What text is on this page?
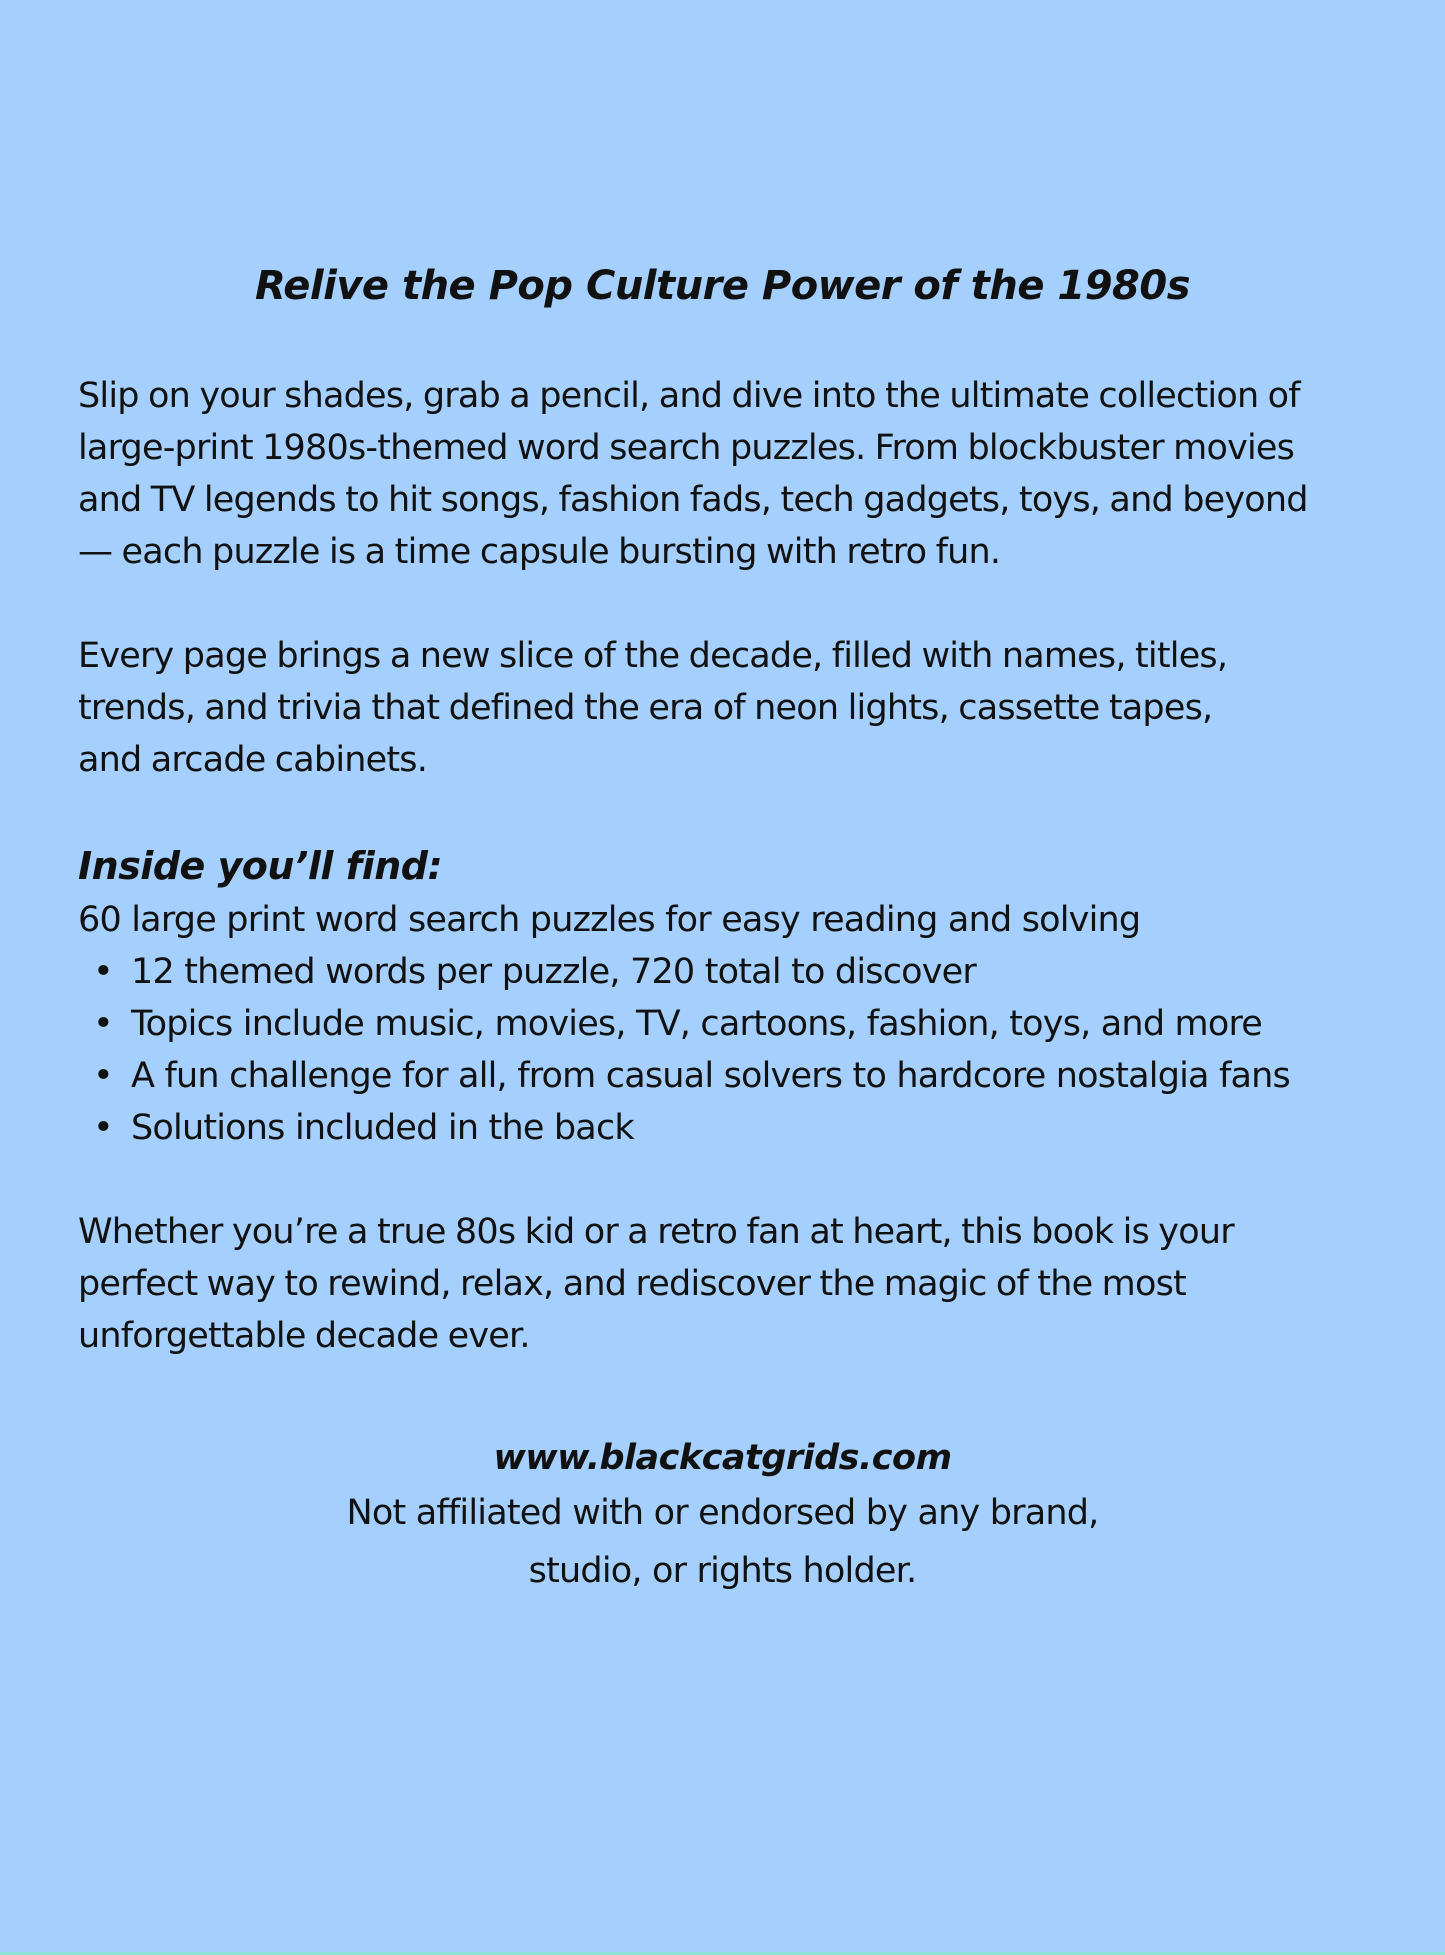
Relive the Pop Culture Power of the 1980s

Slip on your shades, grab a pencil, and dive into the ultimate collection of
large-print 1980s-themed word search puzzles. From blockbuster movies
and TV legends to hit songs, fashion fads, tech gadgets, toys, and beyond
— each puzzle is a time capsule bursting with retro fun.

Every page brings a new slice of the decade, filled with names, titles,
trends, and trivia that defined the era of neon lights, cassette tapes,
and arcade cabinets.

Inside you’ll find:

60 large print word search puzzles for easy reading and solving

• 12 themed words per puzzle, 720 total to discover
• Topics include music, movies, TV, cartoons, fashion, toys, and more
• A fun challenge for all, from casual solvers to hardcore nostalgia fans
• Solutions included in the back

Whether you’re a true 80s kid or a retro fan at heart, this book is your
perfect way to rewind, relax, and rediscover the magic of the most
unforgettable decade ever.

www.blackcatgrids.com

Not affiliated with or endorsed by any brand,
studio, or rights holder.
